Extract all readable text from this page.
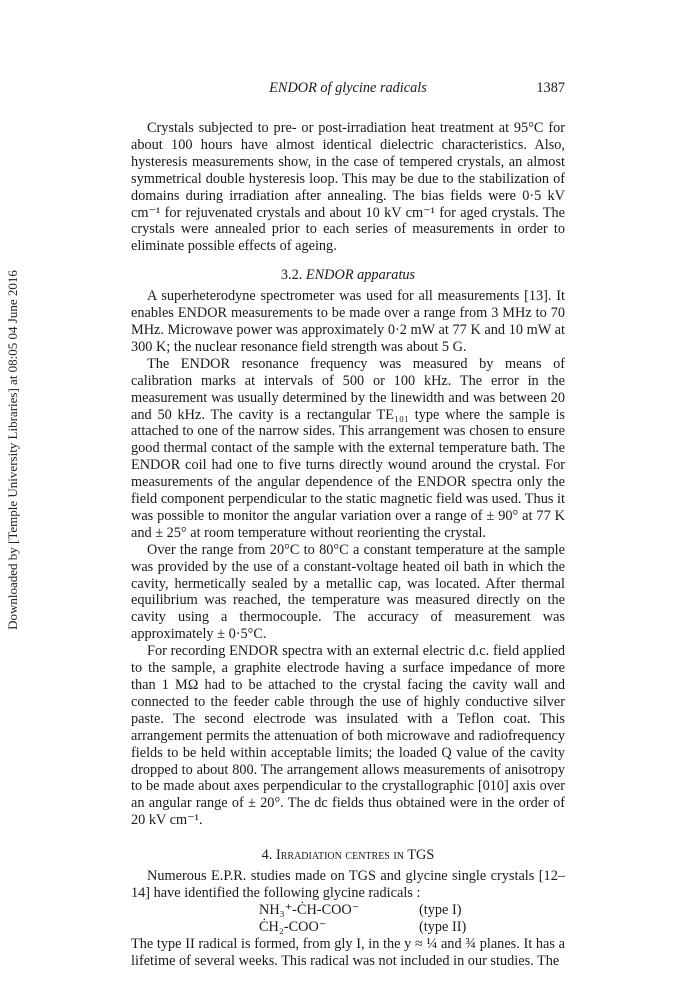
Downloaded by [Temple University Libraries] at 08:05 04 June 2016
ENDOR of glycine radicals	1387

Crystals subjected to pre- or post-irradiation heat treatment at 95°C for about 100 hours have almost identical dielectric characteristics. Also, hysteresis measurements show, in the case of tempered crystals, an almost symmetrical double hysteresis loop. This may be due to the stabilization of domains during irradiation after annealing. The bias fields were 0·5 kV cm⁻¹ for rejuvenated crystals and about 10 kV cm⁻¹ for aged crystals. The crystals were annealed prior to each series of measurements in order to eliminate possible effects of ageing.

3.2. ENDOR apparatus

A superheterodyne spectrometer was used for all measurements [13]. It enables ENDOR measurements to be made over a range from 3 MHz to 70 MHz. Microwave power was approximately 0·2 mW at 77 K and 10 mW at 300 K; the nuclear resonance field strength was about 5 G.

The ENDOR resonance frequency was measured by means of calibration marks at intervals of 500 or 100 kHz. The error in the measurement was usually determined by the linewidth and was between 20 and 50 kHz. The cavity is a rectangular TE₁₀₁ type where the sample is attached to one of the narrow sides. This arrangement was chosen to ensure good thermal contact of the sample with the external temperature bath. The ENDOR coil had one to five turns directly wound around the crystal. For measurements of the angular dependence of the ENDOR spectra only the field component perpendicular to the static magnetic field was used. Thus it was possible to monitor the angular variation over a range of ± 90° at 77 K and ± 25° at room temperature without reorienting the crystal.

Over the range from 20°C to 80°C a constant temperature at the sample was provided by the use of a constant-voltage heated oil bath in which the cavity, hermetically sealed by a metallic cap, was located. After thermal equilibrium was reached, the temperature was measured directly on the cavity using a thermocouple. The accuracy of measurement was approximately ± 0·5°C.

For recording ENDOR spectra with an external electric d.c. field applied to the sample, a graphite electrode having a surface impedance of more than 1 MΩ had to be attached to the crystal facing the cavity wall and connected to the feeder cable through the use of highly conductive silver paste. The second electrode was insulated with a Teflon coat. This arrangement permits the attenuation of both microwave and radiofrequency fields to be held within acceptable limits; the loaded Q value of the cavity dropped to about 800. The arrangement allows measurements of anisotropy to be made about axes perpendicular to the crystallographic [010] axis over an angular range of ± 20°. The dc fields thus obtained were in the order of 20 kV cm⁻¹.

4. Irradiation centres in TGS

Numerous E.P.R. studies made on TGS and glycine single crystals [12–14] have identified the following glycine radicals :

NH₃⁺-ĊH-COO⁻	(type I)
ĊH₂-COO⁻	(type II)

The type II radical is formed, from gly I, in the y ≈ ¼ and ¾ planes. It has a lifetime of several weeks. This radical was not included in our studies. The
